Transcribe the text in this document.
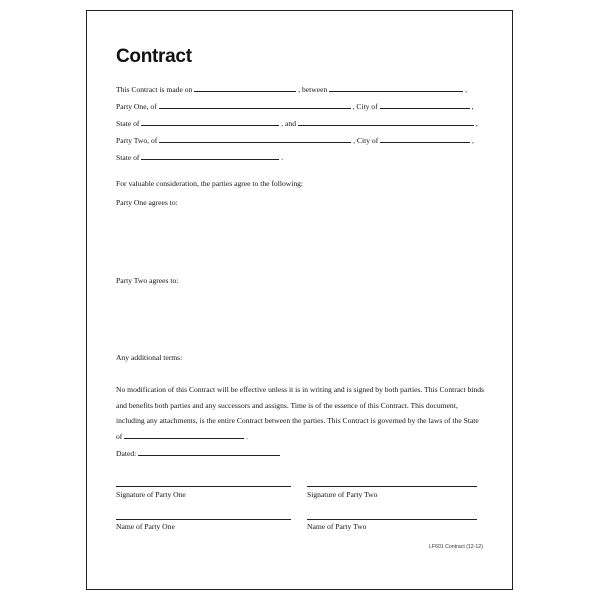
Contract
This Contract is made on	, between	,
Party One, of	, City of	,
State of	, and	,
Party Two, of	, City of	,
State of	.
For valuable consideration, the parties agree to the following:
Party One agrees to:
Party Two agrees to:
Any additional terms:
No modification of this Contract will be effective unless it is in writing and is signed by both parties. This Contract binds and benefits both parties and any successors and assigns. Time is of the essence of this Contract. This document, including any attachments, is the entire Contract between the parties. This Contract is governed by the laws of the State of	.
Dated:
Signature of Party One	Signature of Party Two
Name of Party One	Name of Party Two
LF601 Contract (12-12)
